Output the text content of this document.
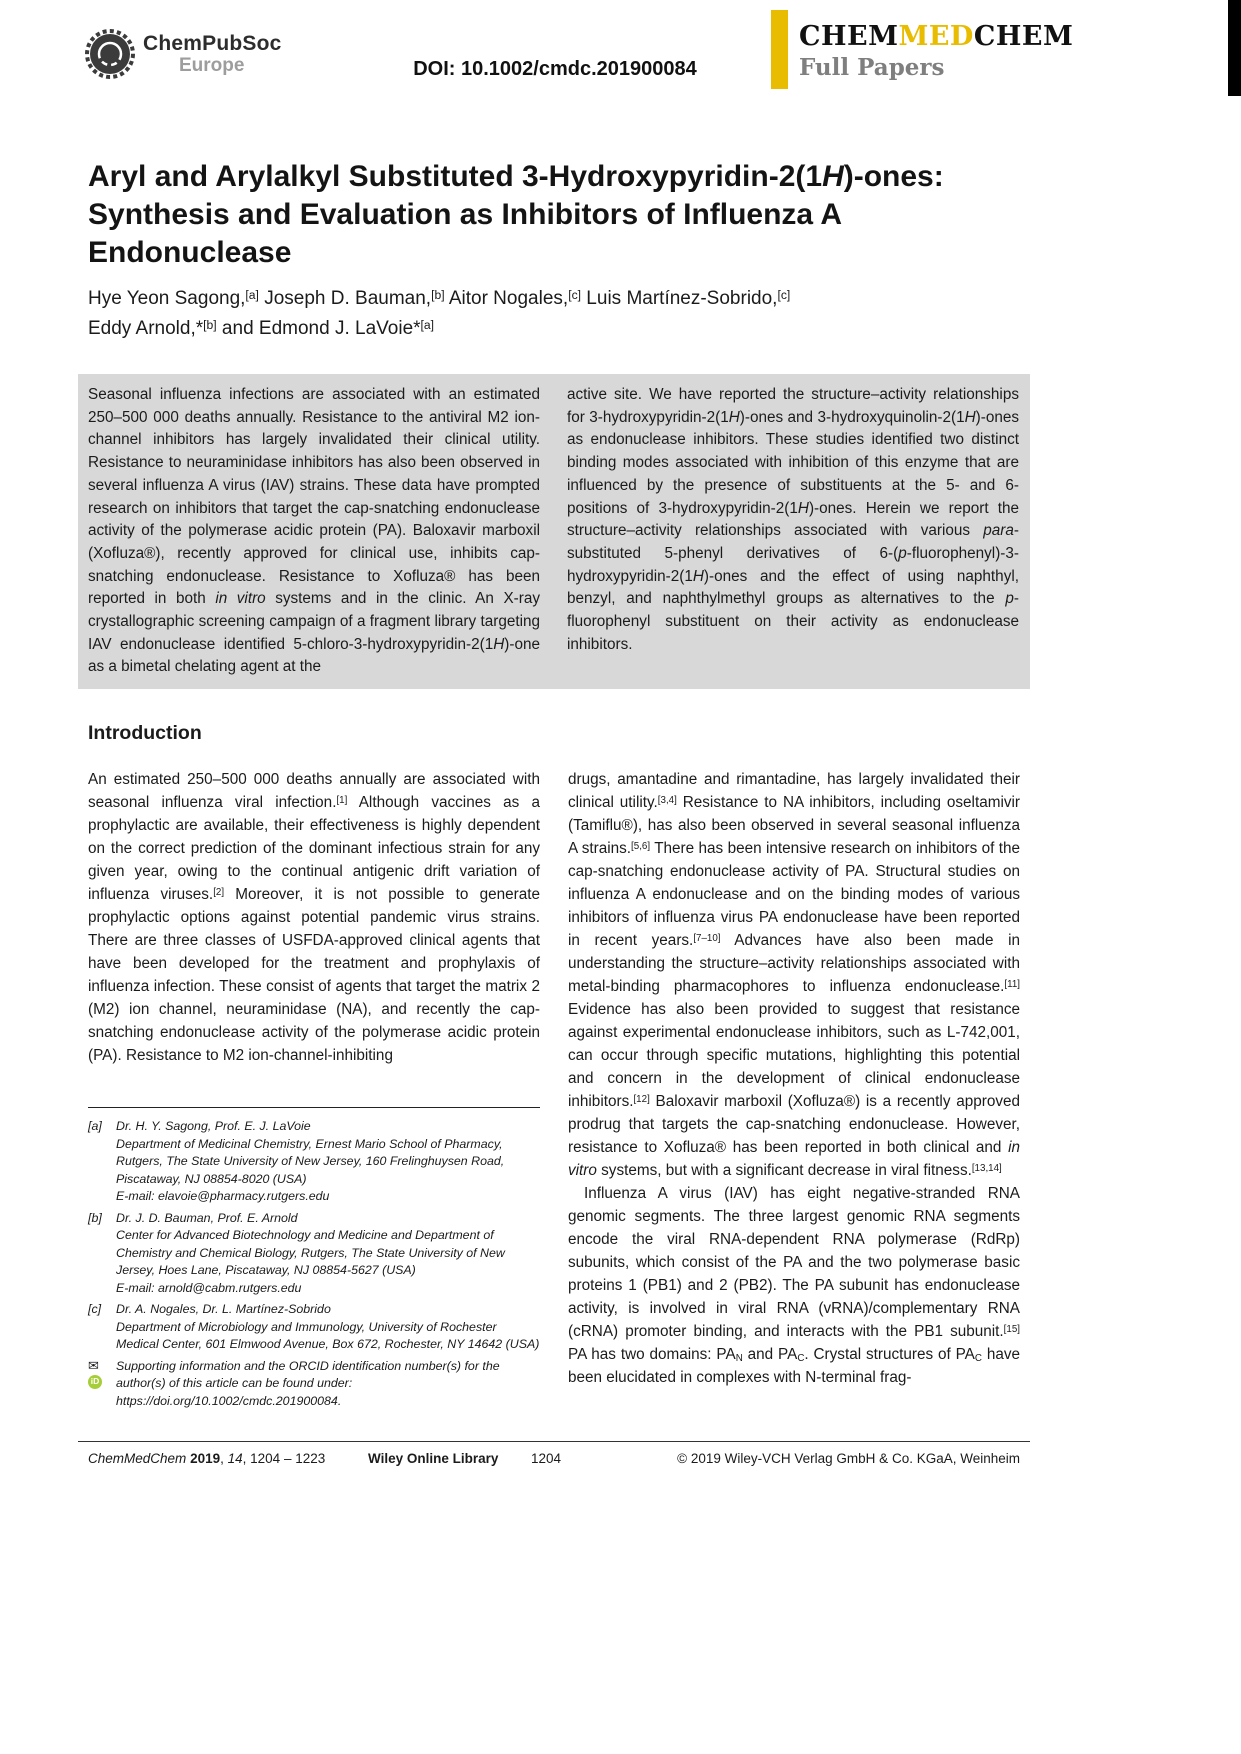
ChemPubSoc
Europe	DOI: 10.1002/cmdc.201900084
CHEMMEDCHEM
Full Papers
Aryl and Arylalkyl Substituted 3-Hydroxypyridin-2(1H)-ones: Synthesis and Evaluation as Inhibitors of Influenza A Endonuclease
Hye Yeon Sagong,[a] Joseph D. Bauman,[b] Aitor Nogales,[c] Luis Martínez-Sobrido,[c]
Eddy Arnold,*[b] and Edmond J. LaVoie*[a]
Seasonal influenza infections are associated with an estimated 250–500 000 deaths annually. Resistance to the antiviral M2 ion-channel inhibitors has largely invalidated their clinical utility. Resistance to neuraminidase inhibitors has also been observed in several influenza A virus (IAV) strains. These data have prompted research on inhibitors that target the cap-snatching endonuclease activity of the polymerase acidic protein (PA). Baloxavir marboxil (Xofluza®), recently approved for clinical use, inhibits cap-snatching endonuclease. Resistance to Xofluza® has been reported in both in vitro systems and in the clinic. An X-ray crystallographic screening campaign of a fragment library targeting IAV endonuclease identified 5-chloro-3-hydroxypyridin-2(1H)-one as a bimetal chelating agent at the
active site. We have reported the structure–activity relationships for 3-hydroxypyridin-2(1H)-ones and 3-hydroxyquinolin-2(1H)-ones as endonuclease inhibitors. These studies identified two distinct binding modes associated with inhibition of this enzyme that are influenced by the presence of substituents at the 5- and 6-positions of 3-hydroxypyridin-2(1H)-ones. Herein we report the structure–activity relationships associated with various para-substituted 5-phenyl derivatives of 6-(p-fluorophenyl)-3-hydroxypyridin-2(1H)-ones and the effect of using naphthyl, benzyl, and naphthylmethyl groups as alternatives to the p-fluorophenyl substituent on their activity as endonuclease inhibitors.
Introduction

An estimated 250–500 000 deaths annually are associated with seasonal influenza viral infection.[1] Although vaccines as a prophylactic are available, their effectiveness is highly dependent on the correct prediction of the dominant infectious strain for any given year, owing to the continual antigenic drift variation of influenza viruses.[2] Moreover, it is not possible to generate prophylactic options against potential pandemic virus strains. There are three classes of USFDA-approved clinical agents that have been developed for the treatment and prophylaxis of influenza infection. These consist of agents that target the matrix 2 (M2) ion channel, neuraminidase (NA), and recently the cap-snatching endonuclease activity of the polymerase acidic protein (PA). Resistance to M2 ion-channel-inhibiting

[a]	Dr. H. Y. Sagong, Prof. E. J. LaVoie
Department of Medicinal Chemistry, Ernest Mario School of Pharmacy, Rutgers, The State University of New Jersey, 160 Frelinghuysen Road, Piscataway, NJ 08854-8020 (USA)
E-mail: elavoie@pharmacy.rutgers.edu
[b]	Dr. J. D. Bauman, Prof. E. Arnold
Center for Advanced Biotechnology and Medicine and Department of Chemistry and Chemical Biology, Rutgers, The State University of New Jersey, Hoes Lane, Piscataway, NJ 08854-5627 (USA)
E-mail: arnold@cabm.rutgers.edu
[c]	Dr. A. Nogales, Dr. L. Martínez-Sobrido
Department of Microbiology and Immunology, University of Rochester Medical Center, 601 Elmwood Avenue, Box 672, Rochester, NY 14642 (USA)
✉
iD
Supporting information and the ORCID identification number(s) for the author(s) of this article can be found under:
https://doi.org/10.1002/cmdc.201900084.

drugs, amantadine and rimantadine, has largely invalidated their clinical utility.[3,4] Resistance to NA inhibitors, including oseltamivir (Tamiflu®), has also been observed in several seasonal influenza A strains.[5,6] There has been intensive research on inhibitors of the cap-snatching endonuclease activity of PA. Structural studies on influenza A endonuclease and on the binding modes of various inhibitors of influenza virus PA endonuclease have been reported in recent years.[7–10] Advances have also been made in understanding the structure–activity relationships associated with metal-binding pharmacophores to influenza endonuclease.[11] Evidence has also been provided to suggest that resistance against experimental endonuclease inhibitors, such as L-742,001, can occur through specific mutations, highlighting this potential and concern in the development of clinical endonuclease inhibitors.[12] Baloxavir marboxil (Xofluza®) is a recently approved prodrug that targets the cap-snatching endonuclease. However, resistance to Xofluza® has been reported in both clinical and in vitro systems, but with a significant decrease in viral fitness.[13,14]

Influenza A virus (IAV) has eight negative-stranded RNA genomic segments. The three largest genomic RNA segments encode the viral RNA-dependent RNA polymerase (RdRp) subunits, which consist of the PA and the two polymerase basic proteins 1 (PB1) and 2 (PB2). The PA subunit has endonuclease activity, is involved in viral RNA (vRNA)/complementary RNA (cRNA) promoter binding, and interacts with the PB1 subunit.[15] PA has two domains: $PA_N$ and $PA_C$. Crystal structures of $PA_C$ have been elucidated in complexes with N-terminal frag-

ChemMedChem 2019, 14, 1204 – 1223	Wiley Online Library	1204	© 2019 Wiley-VCH Verlag GmbH & Co. KGaA, Weinheim
